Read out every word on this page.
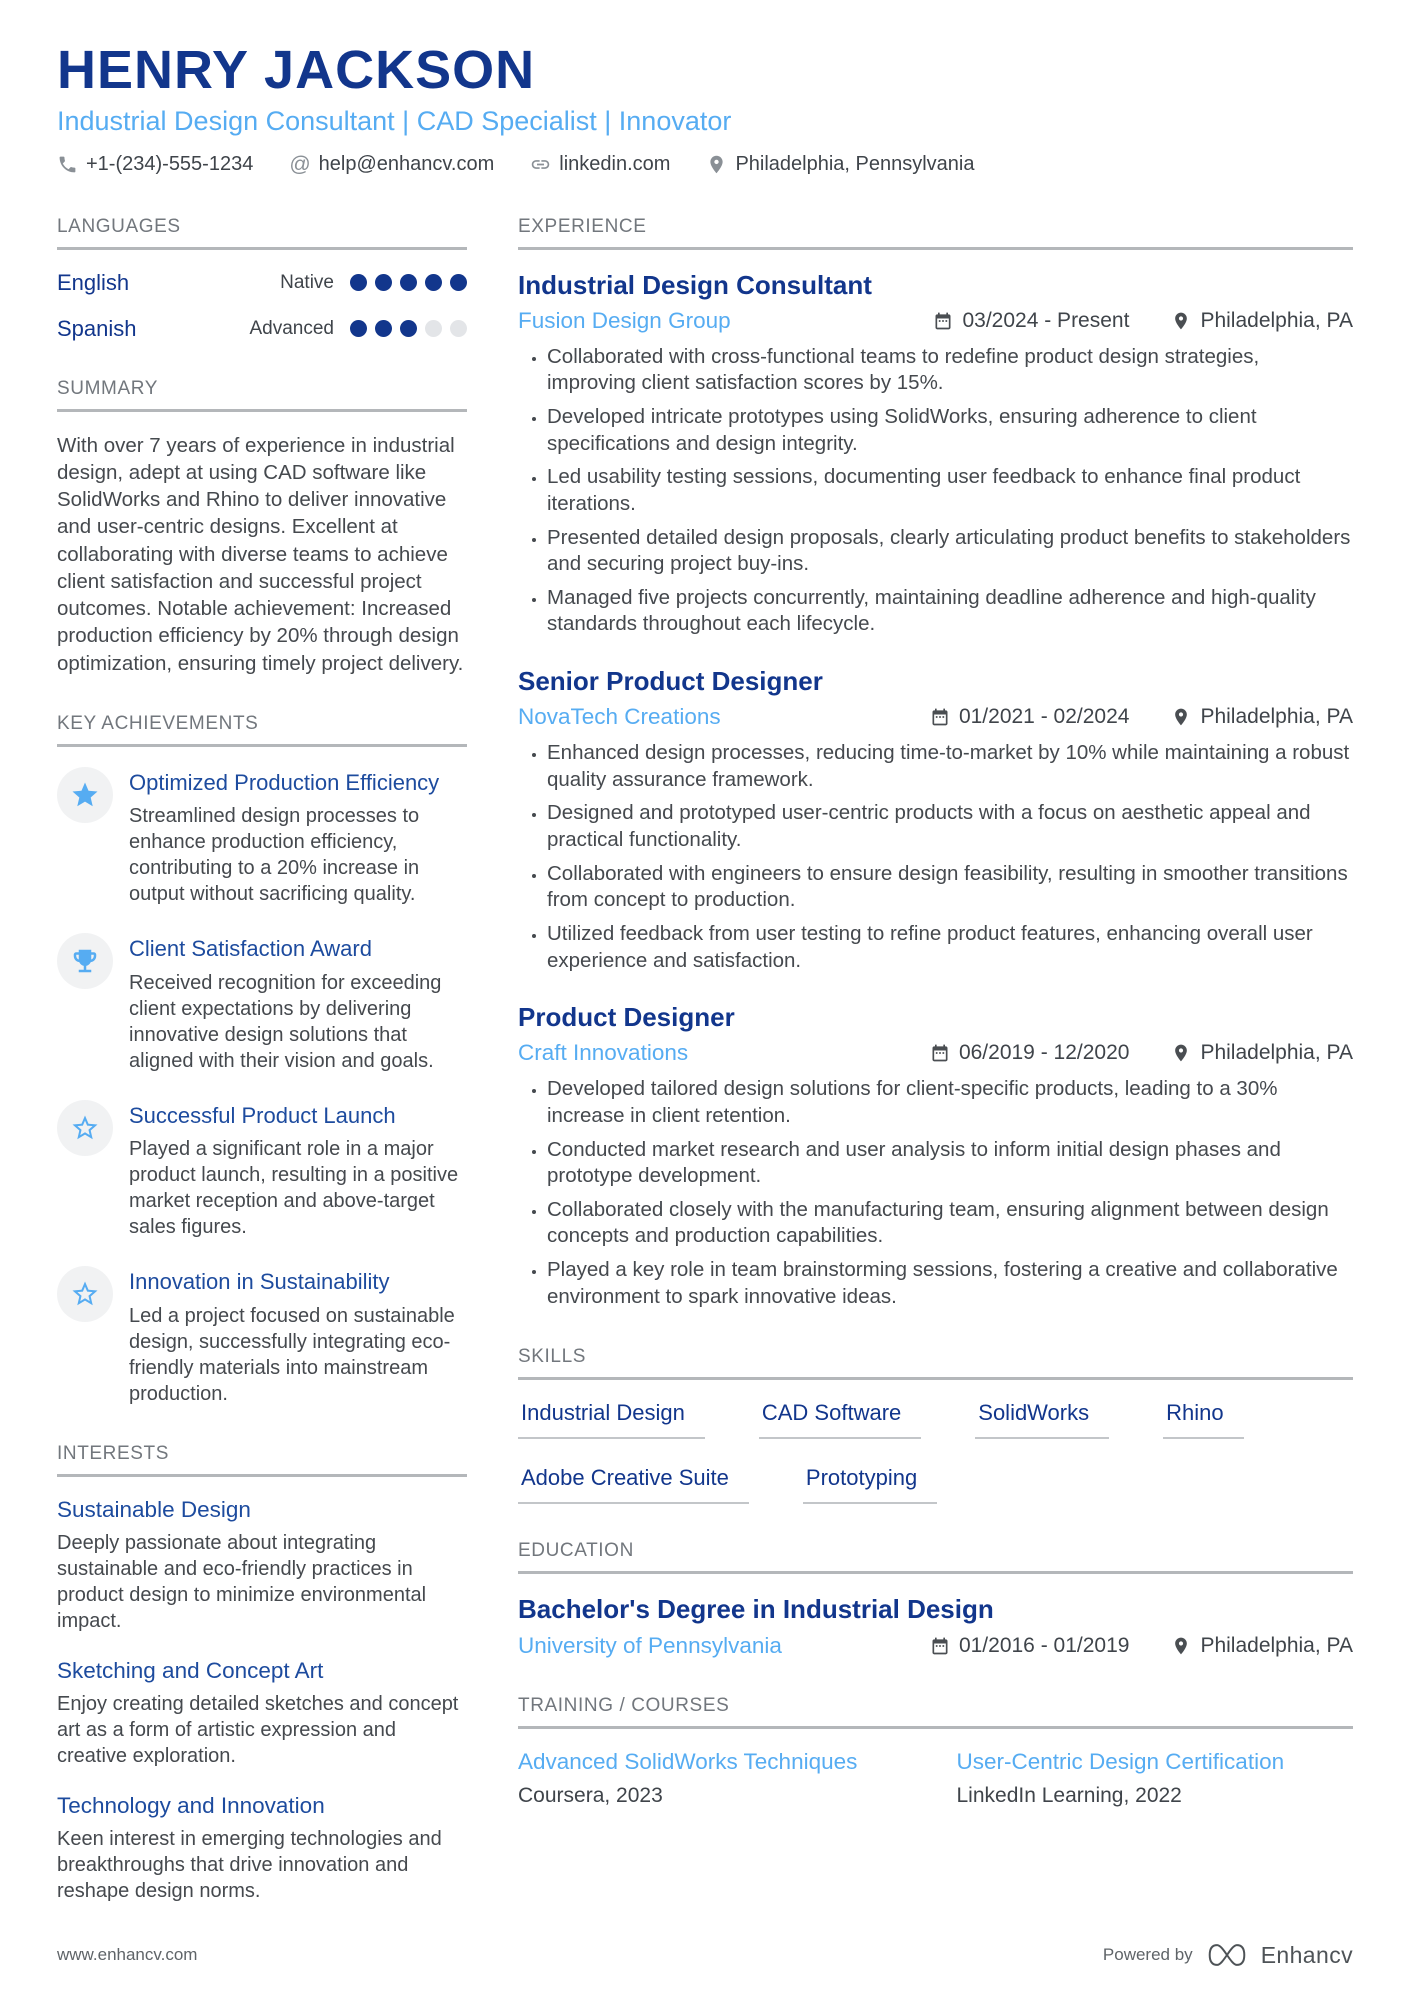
HENRY JACKSON
Industrial Design Consultant | CAD Specialist | Innovator
+1-(234)-555-1234 @ help@enhancv.com	linkedin.com	Philadelphia, Pennsylvania
LANGUAGES
English	Native
Spanish	Advanced
SUMMARY

With over 7 years of experience in industrial design, adept at using CAD software like SolidWorks and Rhino to deliver innovative and user-centric designs. Excellent at collaborating with diverse teams to achieve client satisfaction and successful project outcomes. Notable achievement: Increased production efficiency by 20% through design optimization, ensuring timely project delivery.

KEY ACHIEVEMENTS
Optimized Production Efficiency
Streamlined design processes to enhance production efficiency, contributing to a 20% increase in output without sacrificing quality.
Client Satisfaction Award
Received recognition for exceeding client expectations by delivering innovative design solutions that aligned with their vision and goals.
Successful Product Launch
Played a significant role in a major product launch, resulting in a positive market reception and above-target sales figures.
Innovation in Sustainability
Led a project focused on sustainable design, successfully integrating eco-friendly materials into mainstream production.
INTERESTS
Sustainable Design
Deeply passionate about integrating sustainable and eco-friendly practices in product design to minimize environmental impact.
Sketching and Concept Art
Enjoy creating detailed sketches and concept art as a form of artistic expression and creative exploration.
Technology and Innovation
Keen interest in emerging technologies and breakthroughs that drive innovation and reshape design norms.
EXPERIENCE
Industrial Design Consultant
Fusion Design Group	03/2024 - Present	Philadelphia, PA
• Collaborated with cross-functional teams to redefine product design strategies, improving client satisfaction scores by 15%.
• Developed intricate prototypes using SolidWorks, ensuring adherence to client specifications and design integrity.
• Led usability testing sessions, documenting user feedback to enhance final product iterations.
• Presented detailed design proposals, clearly articulating product benefits to stakeholders and securing project buy-ins.
• Managed five projects concurrently, maintaining deadline adherence and high-quality standards throughout each lifecycle.
Senior Product Designer
NovaTech Creations	01/2021 - 02/2024	Philadelphia, PA
• Enhanced design processes, reducing time-to-market by 10% while maintaining a robust quality assurance framework.
• Designed and prototyped user-centric products with a focus on aesthetic appeal and practical functionality.
• Collaborated with engineers to ensure design feasibility, resulting in smoother transitions from concept to production.
• Utilized feedback from user testing to refine product features, enhancing overall user experience and satisfaction.
Product Designer
Craft Innovations	06/2019 - 12/2020	Philadelphia, PA
• Developed tailored design solutions for client-specific products, leading to a 30% increase in client retention.
• Conducted market research and user analysis to inform initial design phases and prototype development.
• Collaborated closely with the manufacturing team, ensuring alignment between design concepts and production capabilities.
• Played a key role in team brainstorming sessions, fostering a creative and collaborative environment to spark innovative ideas.
SKILLS
Industrial Design	CAD Software	SolidWorks	Rhino
Adobe Creative Suite	Prototyping
EDUCATION
Bachelor's Degree in Industrial Design
University of Pennsylvania	01/2016 - 01/2019	Philadelphia, PA
TRAINING / COURSES
Advanced SolidWorks Techniques
Coursera, 2023
User-Centric Design Certification
LinkedIn Learning, 2022
www.enhancv.com	Powered by	Enhancv
